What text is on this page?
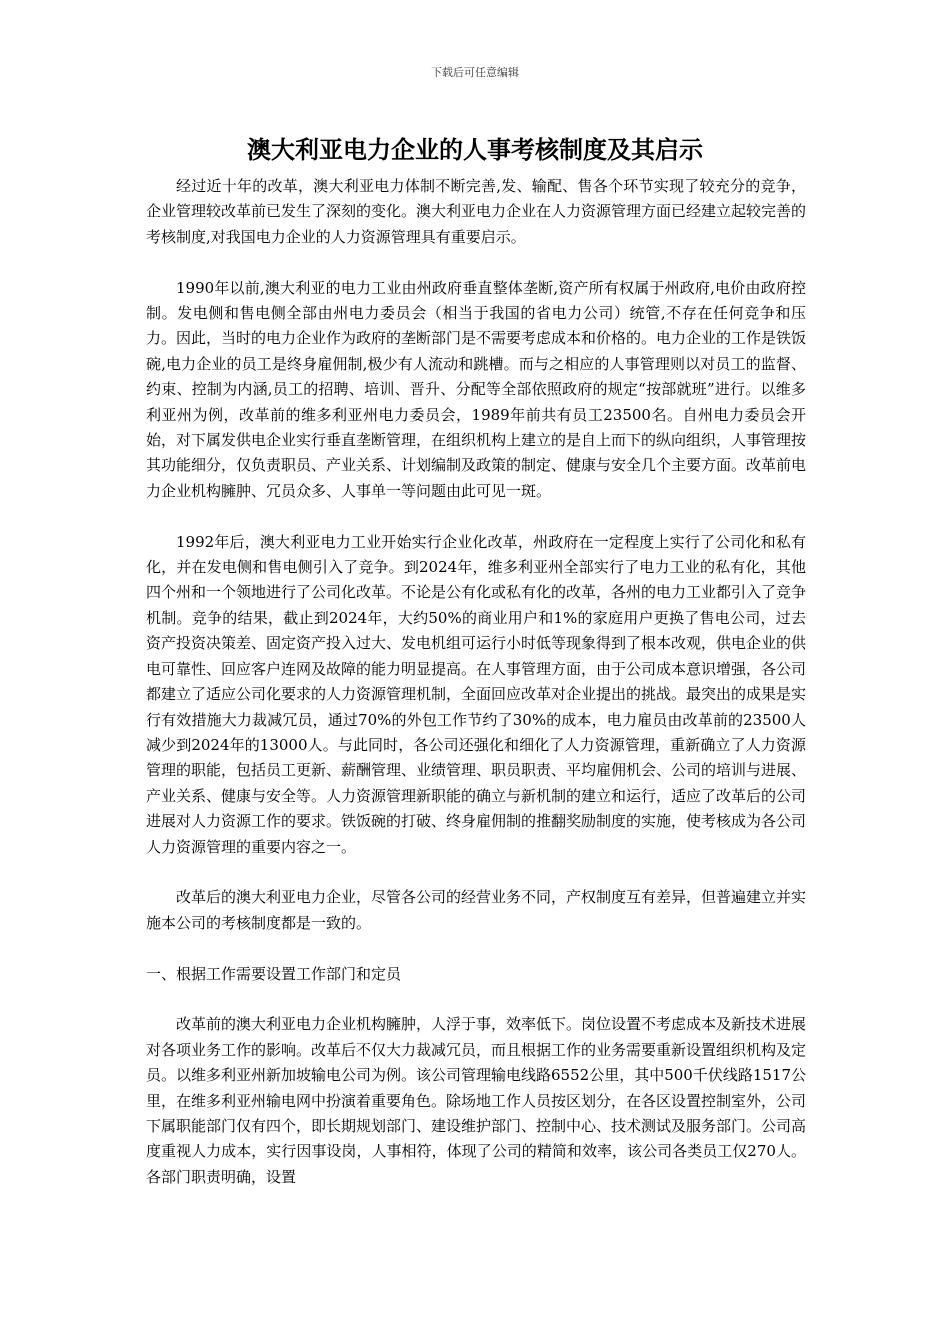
下载后可任意编辑
澳大利亚电力企业的人事考核制度及其启示

经过近十年的改革，澳大利亚电力体制不断完善,发、输配、售各个环节实现了较充分的竞争，企业管理较改革前已发生了深刻的变化。澳大利亚电力企业在人力资源管理方面已经建立起较完善的考核制度,对我国电力企业的人力资源管理具有重要启示。

1990年以前,澳大利亚的电力工业由州政府垂直整体垄断,资产所有权属于州政府,电价由政府控制。发电侧和售电侧全部由州电力委员会（相当于我国的省电力公司）统管,不存在任何竞争和压力。因此，当时的电力企业作为政府的垄断部门是不需要考虑成本和价格的。电力企业的工作是铁饭碗,电力企业的员工是终身雇佣制,极少有人流动和跳槽。而与之相应的人事管理则以对员工的监督、约束、控制为内涵,员工的招聘、培训、晋升、分配等全部依照政府的规定“按部就班”进行。以维多利亚州为例，改革前的维多利亚州电力委员会，1989年前共有员工23500名。自州电力委员会开始，对下属发供电企业实行垂直垄断管理，在组织机构上建立的是自上而下的纵向组织，人事管理按其功能细分，仅负责职员、产业关系、计划编制及政策的制定、健康与安全几个主要方面。改革前电力企业机构臃肿、冗员众多、人事单一等问题由此可见一斑。

1992年后，澳大利亚电力工业开始实行企业化改革，州政府在一定程度上实行了公司化和私有化，并在发电侧和售电侧引入了竞争。到2024年，维多利亚州全部实行了电力工业的私有化，其他四个州和一个领地进行了公司化改革。不论是公有化或私有化的改革，各州的电力工业都引入了竞争机制。竞争的结果，截止到2024年，大约50%的商业用户和1%的家庭用户更换了售电公司，过去资产投资决策差、固定资产投入过大、发电机组可运行小时低等现象得到了根本改观，供电企业的供电可靠性、回应客户连网及故障的能力明显提高。在人事管理方面，由于公司成本意识增强，各公司都建立了适应公司化要求的人力资源管理机制，全面回应改革对企业提出的挑战。最突出的成果是实行有效措施大力裁减冗员，通过70%的外包工作节约了30%的成本，电力雇员由改革前的23500人减少到2024年的13000人。与此同时，各公司还强化和细化了人力资源管理，重新确立了人力资源管理的职能，包括员工更新、薪酬管理、业绩管理、职员职责、平均雇佣机会、公司的培训与进展、产业关系、健康与安全等。人力资源管理新职能的确立与新机制的建立和运行，适应了改革后的公司进展对人力资源工作的要求。铁饭碗的打破、终身雇佣制的推翻奖励制度的实施，使考核成为各公司人力资源管理的重要内容之一。

改革后的澳大利亚电力企业，尽管各公司的经营业务不同，产权制度互有差异，但普遍建立并实施本公司的考核制度都是一致的。

一、根据工作需要设置工作部门和定员

改革前的澳大利亚电力企业机构臃肿，人浮于事，效率低下。岗位设置不考虑成本及新技术进展对各项业务工作的影响。改革后不仅大力裁减冗员，而且根据工作的业务需要重新设置组织机构及定员。以维多利亚州新加坡输电公司为例。该公司管理输电线路6552公里，其中500千伏线路1517公里，在维多利亚州输电网中扮演着重要角色。除场地工作人员按区划分，在各区设置控制室外，公司下属职能部门仅有四个，即长期规划部门、建设维护部门、控制中心、技术测试及服务部门。公司高度重视人力成本，实行因事设岗，人事相符，体现了公司的精简和效率，该公司各类员工仅270人。各部门职责明确，设置
